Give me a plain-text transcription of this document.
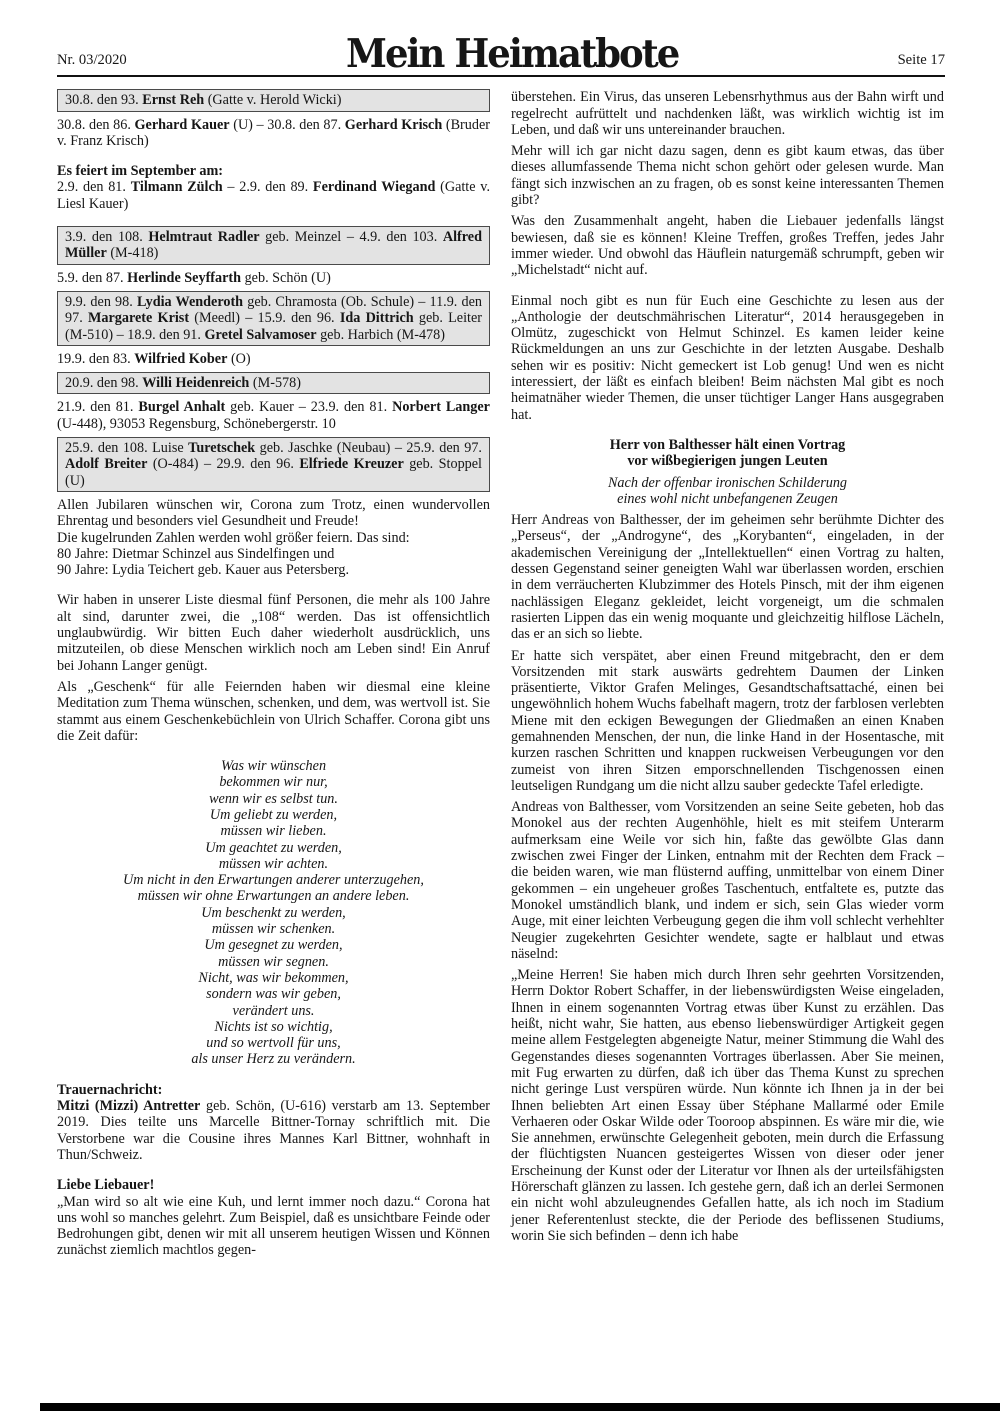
Nr. 03/2020	Mein Heimatbote	Seite 17
30.8. den 93. Ernst Reh (Gatte v. Herold Wicki)
30.8. den 86. Gerhard Kauer (U) – 30.8. den 87. Gerhard Krisch (Bruder v. Franz Krisch)
Es feiert im September am:
2.9. den 81. Tilmann Zülch – 2.9. den 89. Ferdinand Wiegand (Gatte v. Liesl Kauer)
3.9. den 108. Helmtraut Radler geb. Meinzel – 4.9. den 103. Alfred Müller (M-418)
5.9. den 87. Herlinde Seyffarth geb. Schön (U)
9.9. den 98. Lydia Wenderoth geb. Chramosta (Ob. Schule) – 11.9. den 97. Margarete Krist (Meedl) – 15.9. den 96. Ida Dittrich geb. Leiter (M-510) – 18.9. den 91. Gretel Salvamoser geb. Harbich (M-478)
19.9. den 83. Wilfried Kober (O)
20.9. den 98. Willi Heidenreich (M-578)
21.9. den 81. Burgel Anhalt geb. Kauer – 23.9. den 81. Norbert Langer (U-448), 93053 Regensburg, Schönebergerstr. 10
25.9. den 108. Luise Turetschek geb. Jaschke (Neubau) – 25.9. den 97. Adolf Breiter (O-484) – 29.9. den 96. Elfriede Kreuzer geb. Stoppel (U)
Allen Jubilaren wünschen wir, Corona zum Trotz, einen wundervollen Ehrentag und besonders viel Gesundheit und Freude!
Die kugelrunden Zahlen werden wohl größer feiern. Das sind:
80 Jahre: Dietmar Schinzel aus Sindelfingen und
90 Jahre: Lydia Teichert geb. Kauer aus Petersberg.
Wir haben in unserer Liste diesmal fünf Personen, die mehr als 100 Jahre alt sind, darunter zwei, die „108“ werden. Das ist offensichtlich unglaubwürdig. Wir bitten Euch daher wiederholt ausdrücklich, uns mitzuteilen, ob diese Menschen wirklich noch am Leben sind! Ein Anruf bei Johann Langer genügt.
Als „Geschenk“ für alle Feiernden haben wir diesmal eine kleine Meditation zum Thema wünschen, schenken, und dem, was wertvoll ist. Sie stammt aus einem Geschenkebüchlein von Ulrich Schaffer. Corona gibt uns die Zeit dafür:
Was wir wünschen
bekommen wir nur,
wenn wir es selbst tun.
Um geliebt zu werden,
müssen wir lieben.
Um geachtet zu werden,
müssen wir achten.
Um nicht in den Erwartungen anderer unterzugehen,
müssen wir ohne Erwartungen an andere leben.
Um beschenkt zu werden,
müssen wir schenken.
Um gesegnet zu werden,
müssen wir segnen.
Nicht, was wir bekommen,
sondern was wir geben,
verändert uns.
Nichts ist so wichtig,
und so wertvoll für uns,
als unser Herz zu verändern.
Trauernachricht:
Mitzi (Mizzi) Antretter geb. Schön, (U-616) verstarb am 13. September 2019. Dies teilte uns Marcelle Bittner-Tornay schriftlich mit. Die Verstorbene war die Cousine ihres Mannes Karl Bittner, wohnhaft in Thun/Schweiz.
Liebe Liebauer!
„Man wird so alt wie eine Kuh, und lernt immer noch dazu.“ Corona hat uns wohl so manches gelehrt. Zum Beispiel, daß es unsichtbare Feinde oder Bedrohungen gibt, denen wir mit all unserem heutigen Wissen und Können zunächst ziemlich machtlos gegen-
überstehen. Ein Virus, das unseren Lebensrhythmus aus der Bahn wirft und regelrecht aufrüttelt und nachdenken läßt, was wirklich wichtig ist im Leben, und daß wir uns untereinander brauchen.
Mehr will ich gar nicht dazu sagen, denn es gibt kaum etwas, das über dieses allumfassende Thema nicht schon gehört oder gelesen wurde. Man fängt sich inzwischen an zu fragen, ob es sonst keine interessanten Themen gibt?
Was den Zusammenhalt angeht, haben die Liebauer jedenfalls längst bewiesen, daß sie es können! Kleine Treffen, großes Treffen, jedes Jahr immer wieder. Und obwohl das Häuflein naturgemäß schrumpft, geben wir „Michelstadt“ nicht auf.
Einmal noch gibt es nun für Euch eine Geschichte zu lesen aus der „Anthologie der deutschmährischen Literatur“, 2014 herausgegeben in Olmütz, zugeschickt von Helmut Schinzel. Es kamen leider keine Rückmeldungen an uns zur Geschichte in der letzten Ausgabe. Deshalb sehen wir es positiv: Nicht gemeckert ist Lob genug! Und wen es nicht interessiert, der läßt es einfach bleiben! Beim nächsten Mal gibt es noch heimatnäher wieder Themen, die unser tüchtiger Langer Hans ausgegraben hat.
Herr von Balthesser hält einen Vortrag
vor wißbegierigen jungen Leuten
Nach der offenbar ironischen Schilderung
eines wohl nicht unbefangenen Zeugen
Herr Andreas von Balthesser, der im geheimen sehr berühmte Dichter des „Perseus“, der „Androgyne“, des „Korybanten“, eingeladen, in der akademischen Vereinigung der „Intellektuellen“ einen Vortrag zu halten, dessen Gegenstand seiner geneigten Wahl war überlassen worden, erschien in dem verräucherten Klubzimmer des Hotels Pinsch, mit der ihm eigenen nachlässigen Eleganz gekleidet, leicht vorgeneigt, um die schmalen rasierten Lippen das ein wenig moquante und gleichzeitig hilflose Lächeln, das er an sich so liebte.
Er hatte sich verspätet, aber einen Freund mitgebracht, den er dem Vorsitzenden mit stark auswärts gedrehtem Daumen der Linken präsentierte, Viktor Grafen Melinges, Gesandtschaftsattaché, einen bei ungewöhnlich hohem Wuchs fabelhaft magern, trotz der farblosen verlebten Miene mit den eckigen Bewegungen der Gliedmaßen an einen Knaben gemahnenden Menschen, der nun, die linke Hand in der Hosentasche, mit kurzen raschen Schritten und knappen ruckweisen Verbeugungen vor den zumeist von ihren Sitzen emporschnellenden Tischgenossen einen leutseligen Rundgang um die nicht allzu sauber gedeckte Tafel erledigte.
Andreas von Balthesser, vom Vorsitzenden an seine Seite gebeten, hob das Monokel aus der rechten Augenhöhle, hielt es mit steifem Unterarm aufmerksam eine Weile vor sich hin, faßte das gewölbte Glas dann zwischen zwei Finger der Linken, entnahm mit der Rechten dem Frack – die beiden waren, wie man flüsternd auffing, unmittelbar von einem Diner gekommen – ein ungeheuer großes Taschentuch, entfaltete es, putzte das Monokel umständlich blank, und indem er sich, sein Glas wieder vorm Auge, mit einer leichten Verbeugung gegen die ihm voll schlecht verhehlter Neugier zugekehrten Gesichter wendete, sagte er halblaut und etwas näselnd:
„Meine Herren! Sie haben mich durch Ihren sehr geehrten Vorsitzenden, Herrn Doktor Robert Schaffer, in der liebenswürdigsten Weise eingeladen, Ihnen in einem sogenannten Vortrag etwas über Kunst zu erzählen. Das heißt, nicht wahr, Sie hatten, aus ebenso liebenswürdiger Artigkeit gegen meine allem Festgelegten abgeneigte Natur, meiner Stimmung die Wahl des Gegenstandes dieses sogenannten Vortrages überlassen. Aber Sie meinen, mit Fug erwarten zu dürfen, daß ich über das Thema Kunst zu sprechen nicht geringe Lust verspüren würde. Nun könnte ich Ihnen ja in der bei Ihnen beliebten Art einen Essay über Stéphane Mallarmé oder Emile Verhaeren oder Oskar Wilde oder Tooroop abspinnen. Es wäre mir die, wie Sie annehmen, erwünschte Gelegenheit geboten, mein durch die Erfassung der flüchtigsten Nuancen gesteigertes Wissen von dieser oder jener Erscheinung der Kunst oder der Literatur vor Ihnen als der urteilsfähigsten Hörerschaft glänzen zu lassen. Ich gestehe gern, daß ich an derlei Sermonen ein nicht wohl abzuleugnendes Gefallen hatte, als ich noch im Stadium jener Referentenlust steckte, die der Periode des beflissenen Studiums, worin Sie sich befinden – denn ich habe
